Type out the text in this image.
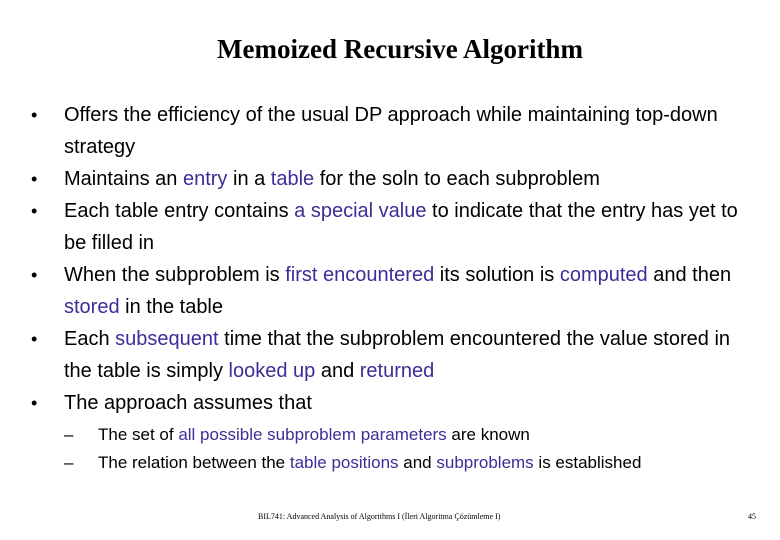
Memoized Recursive Algorithm
• Offers the efficiency of the usual DP approach while maintaining top-down strategy
• Maintains an entry in a table for the soln to each subproblem
• Each table entry contains a special value to indicate that the entry has yet to be filled in
• When the subproblem is first encountered its solution is computed and then stored in the table
• Each subsequent time that the subproblem encountered the value stored in the table is simply looked up and returned
• The approach assumes that
– The set of all possible subproblem parameters are known
– The relation between the table positions and subproblems is established
BIL741: Advanced Analysis of Algorithms I (İleri Algoritma Çözümleme I)	45
